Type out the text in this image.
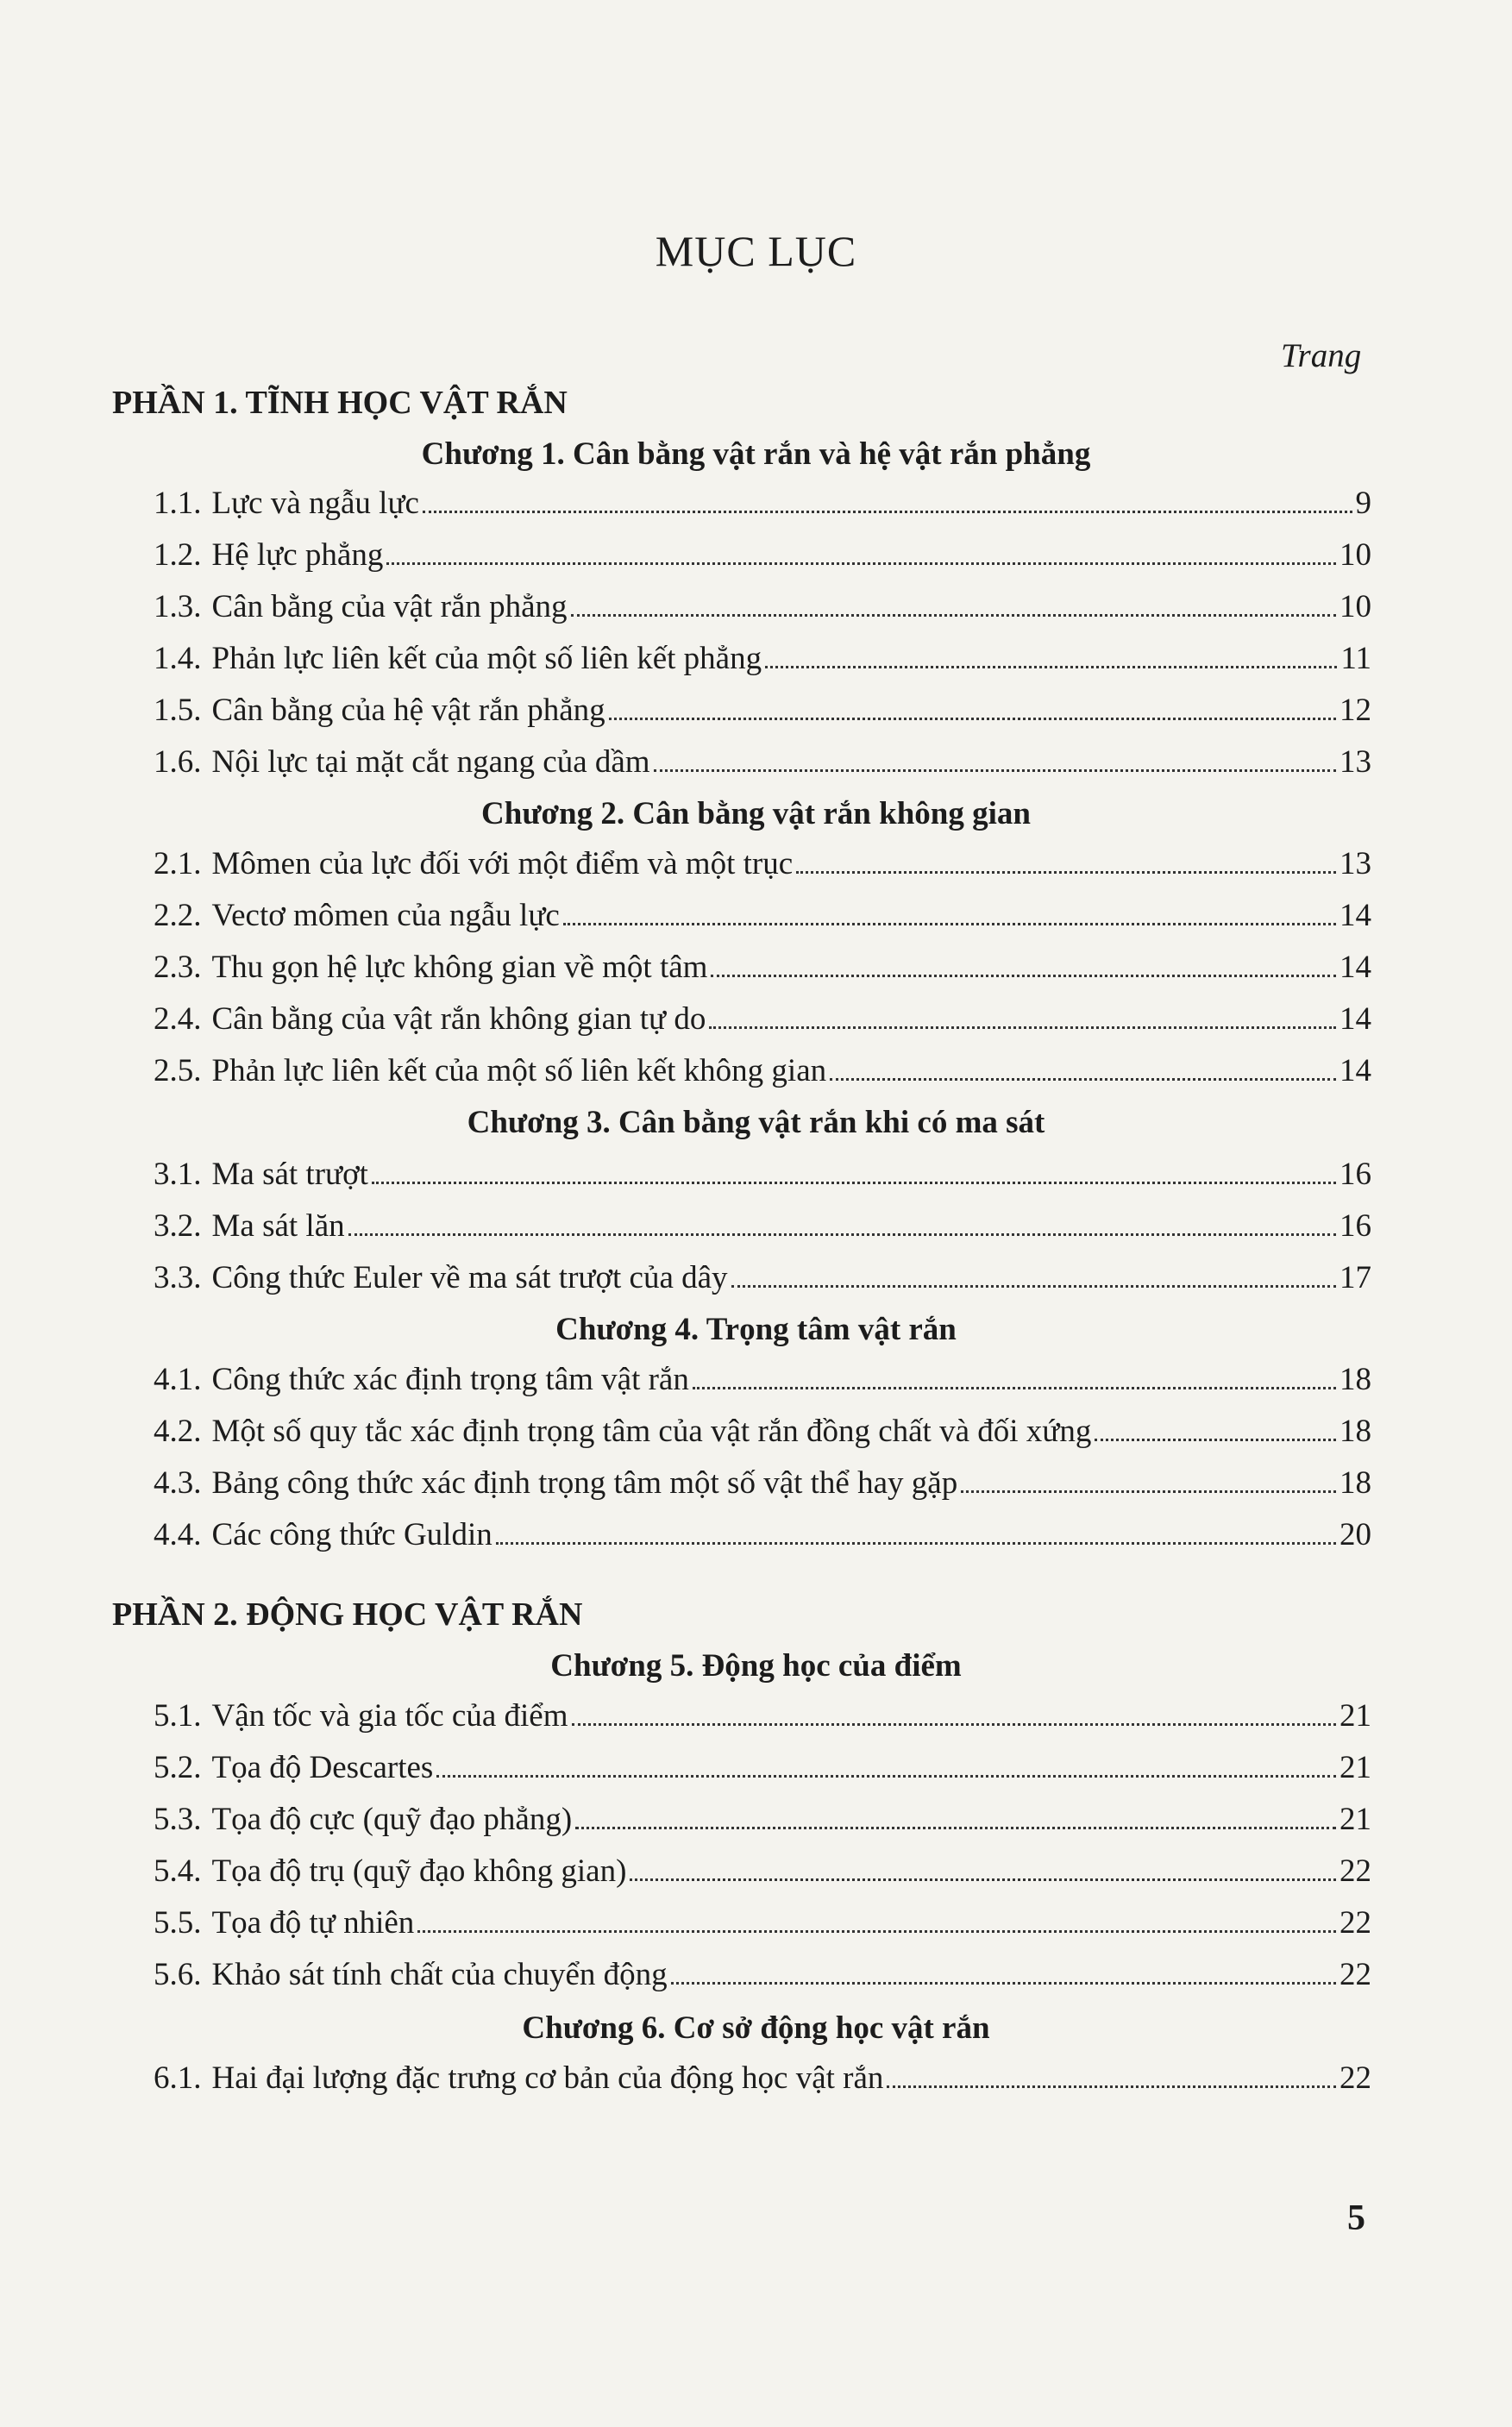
MỤC LỤC
Trang
PHẦN 1. TĨNH HỌC VẬT RẮN
Chương 1. Cân bằng vật rắn và hệ vật rắn phẳng
1.1. Lực và ngẫu lực	9
1.2. Hệ lực phẳng	10
1.3. Cân bằng của vật rắn phẳng	10
1.4. Phản lực liên kết của một số liên kết phẳng	11
1.5. Cân bằng của hệ vật rắn phẳng	12
1.6. Nội lực tại mặt cắt ngang của dầm	13
Chương 2. Cân bằng vật rắn không gian
2.1. Mômen của lực đối với một điểm và một trục	13
2.2. Vectơ mômen của ngẫu lực	14
2.3. Thu gọn hệ lực không gian về một tâm	14
2.4. Cân bằng của vật rắn không gian tự do	14
2.5. Phản lực liên kết của một số liên kết không gian	14
Chương 3. Cân bằng vật rắn khi có ma sát
3.1. Ma sát trượt	16
3.2. Ma sát lăn	16
3.3. Công thức Euler về ma sát trượt của dây	17
Chương 4. Trọng tâm vật rắn
4.1. Công thức xác định trọng tâm vật rắn	18
4.2. Một số quy tắc xác định trọng tâm của vật rắn đồng chất và đối xứng	18
4.3. Bảng công thức xác định trọng tâm một số vật thể hay gặp	18
4.4. Các công thức Guldin	20
PHẦN 2. ĐỘNG HỌC VẬT RẮN
Chương 5. Động học của điểm
5.1. Vận tốc và gia tốc của điểm	21
5.2. Tọa độ Descartes	21
5.3. Tọa độ cực (quỹ đạo phẳng)	21
5.4. Tọa độ trụ (quỹ đạo không gian)	22
5.5. Tọa độ tự nhiên	22
5.6. Khảo sát tính chất của chuyển động	22
Chương 6. Cơ sở động học vật rắn
6.1. Hai đại lượng đặc trưng cơ bản của động học vật rắn	22
5
